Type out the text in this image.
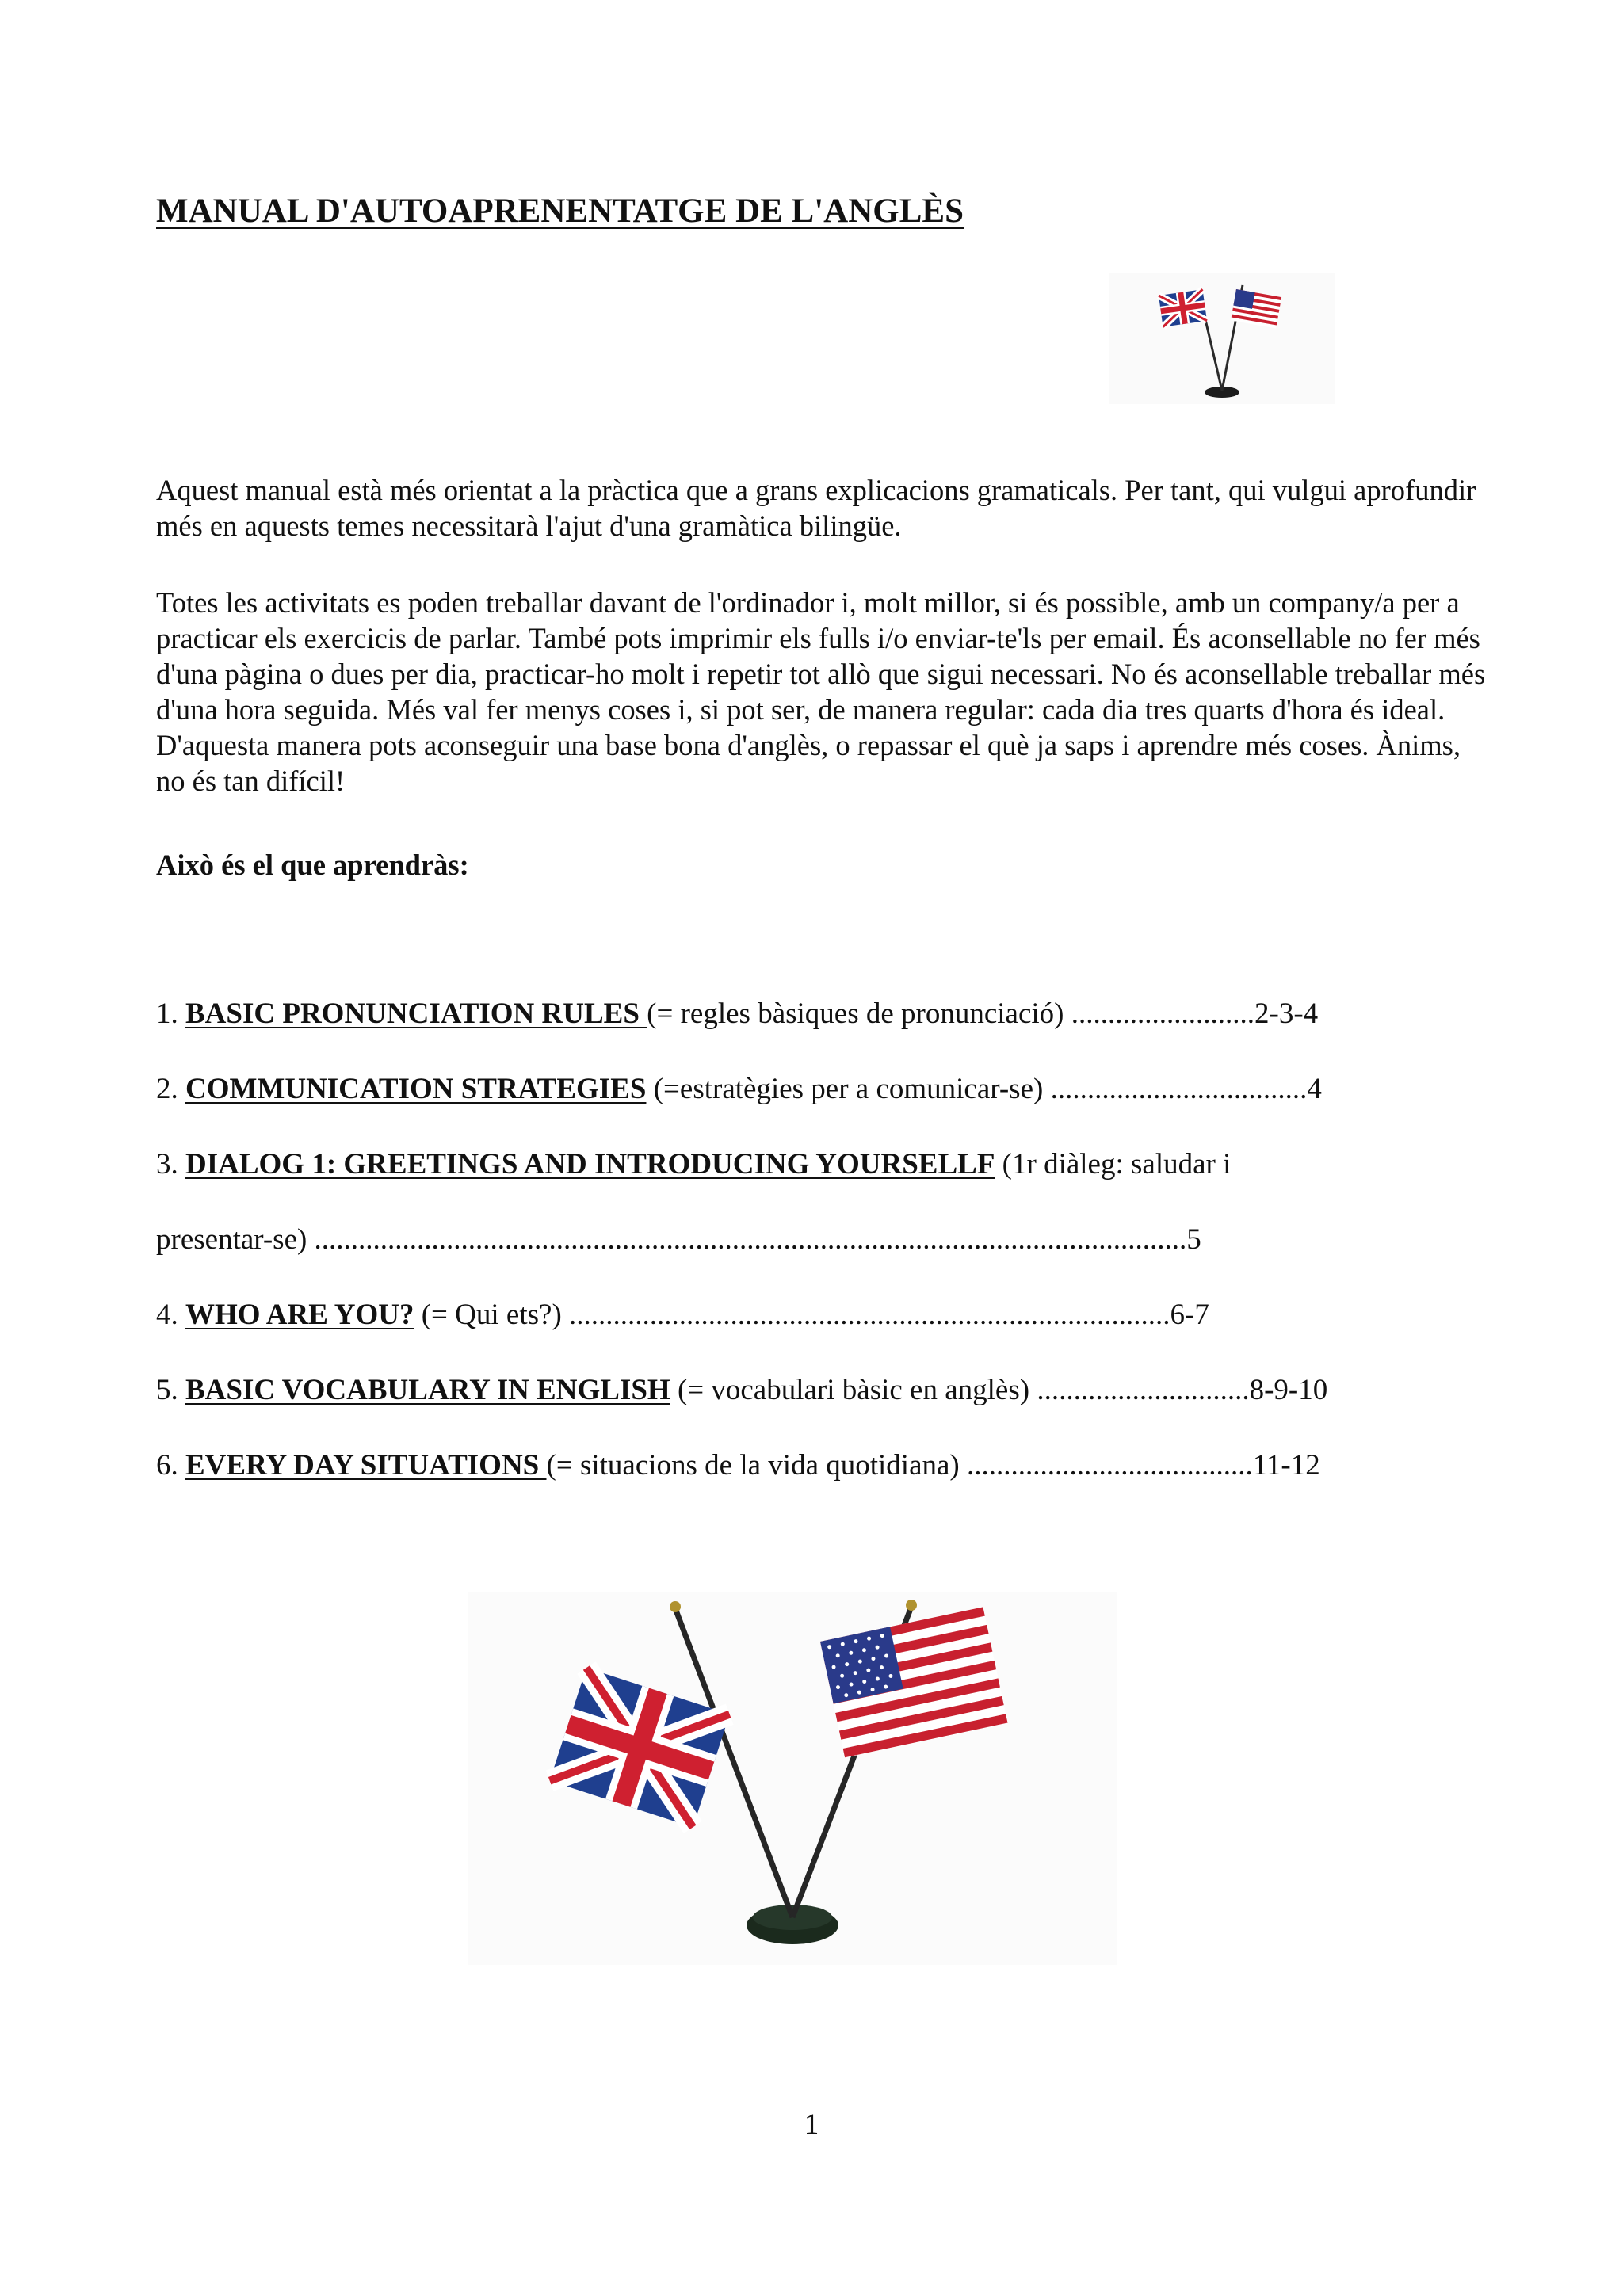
MANUAL D'AUTOAPRENENTATGE DE L'ANGLÈS

Aquest manual està més orientat a la pràctica que a grans explicacions gramaticals. Per tant, qui vulgui aprofundir més en aquests temes necessitarà l'ajut d'una gramàtica bilingüe.

Totes les activitats es poden treballar davant de l'ordinador i, molt millor, si és possible, amb un company/a per a practicar els exercicis de parlar. També pots imprimir els fulls i/o enviar-te'ls per email. És aconsellable no fer més d'una pàgina o dues per dia, practicar-ho molt i repetir tot allò que sigui necessari. No és aconsellable treballar més d'una hora seguida. Més val fer menys coses i, si pot ser, de manera regular: cada dia tres quarts d'hora és ideal. D'aquesta manera pots aconseguir una base bona d'anglès, o repassar el què ja saps i aprendre més coses. Ànims, no és tan difícil!

Això és el que aprendràs:

1. BASIC PRONUNCIATION RULES (= regles bàsiques de pronunciació) .........................2-3-4
2. COMMUNICATION STRATEGIES (=estratègies per a comunicar-se) ...................................4
3. DIALOG 1: GREETINGS AND INTRODUCING YOURSELLF (1r diàleg: saludar i
presentar-se) .......................................................................................................................5
4. WHO ARE YOU? (= Qui ets?) ..................................................................................6-7
5. BASIC VOCABULARY IN ENGLISH (= vocabulari bàsic en anglès) .............................8-9-10
6. EVERY DAY SITUATIONS (= situacions de la vida quotidiana) .......................................11-12
1
